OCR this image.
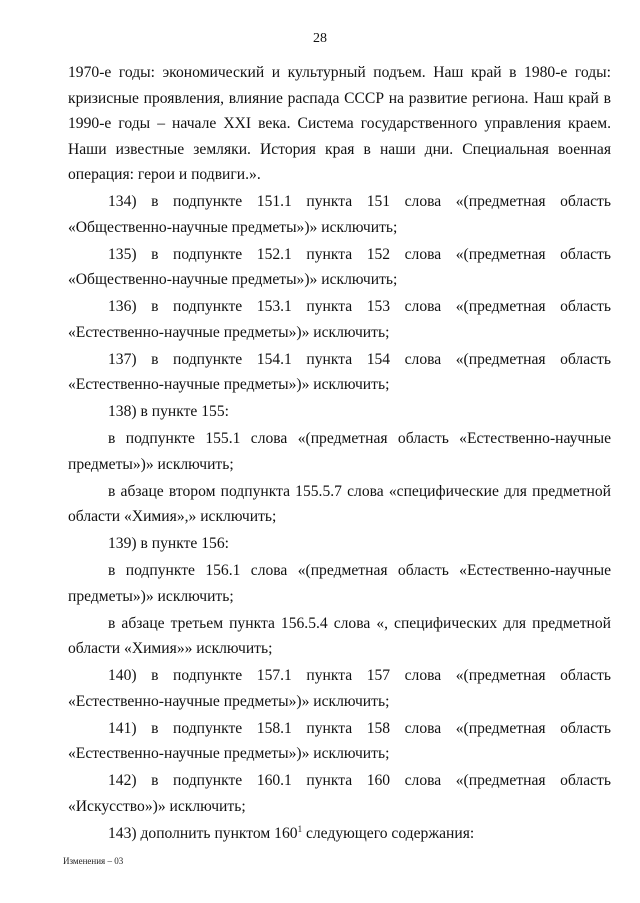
28

1970-е годы: экономический и культурный подъем. Наш край в 1980-е годы: кризисные проявления, влияние распада СССР на развитие региона. Наш край в 1990-е годы – начале XXI века. Система государственного управления краем. Наши известные земляки. История края в наши дни. Специальная военная операция: герои и подвиги.».

134) в подпункте 151.1 пункта 151 слова «(предметная область «Общественно-научные предметы»)» исключить;

135) в подпункте 152.1 пункта 152 слова «(предметная область «Общественно-научные предметы»)» исключить;

136) в подпункте 153.1 пункта 153 слова «(предметная область «Естественно-научные предметы»)» исключить;

137) в подпункте 154.1 пункта 154 слова «(предметная область «Естественно-научные предметы»)» исключить;

138) в пункте 155:

в подпункте 155.1 слова «(предметная область «Естественно-научные предметы»)» исключить;

в абзаце втором подпункта 155.5.7 слова «специфические для предметной области «Химия»,» исключить;

139) в пункте 156:

в подпункте 156.1 слова «(предметная область «Естественно-научные предметы»)» исключить;

в абзаце третьем пункта 156.5.4 слова «, специфических для предметной области «Химия»» исключить;

140) в подпункте 157.1 пункта 157 слова «(предметная область «Естественно-научные предметы»)» исключить;

141) в подпункте 158.1 пункта 158 слова «(предметная область «Естественно-научные предметы»)» исключить;

142) в подпункте 160.1 пункта 160 слова «(предметная область «Искусство»)» исключить;

143) дополнить пунктом $160^1$ следующего содержания:

Изменения – 03
